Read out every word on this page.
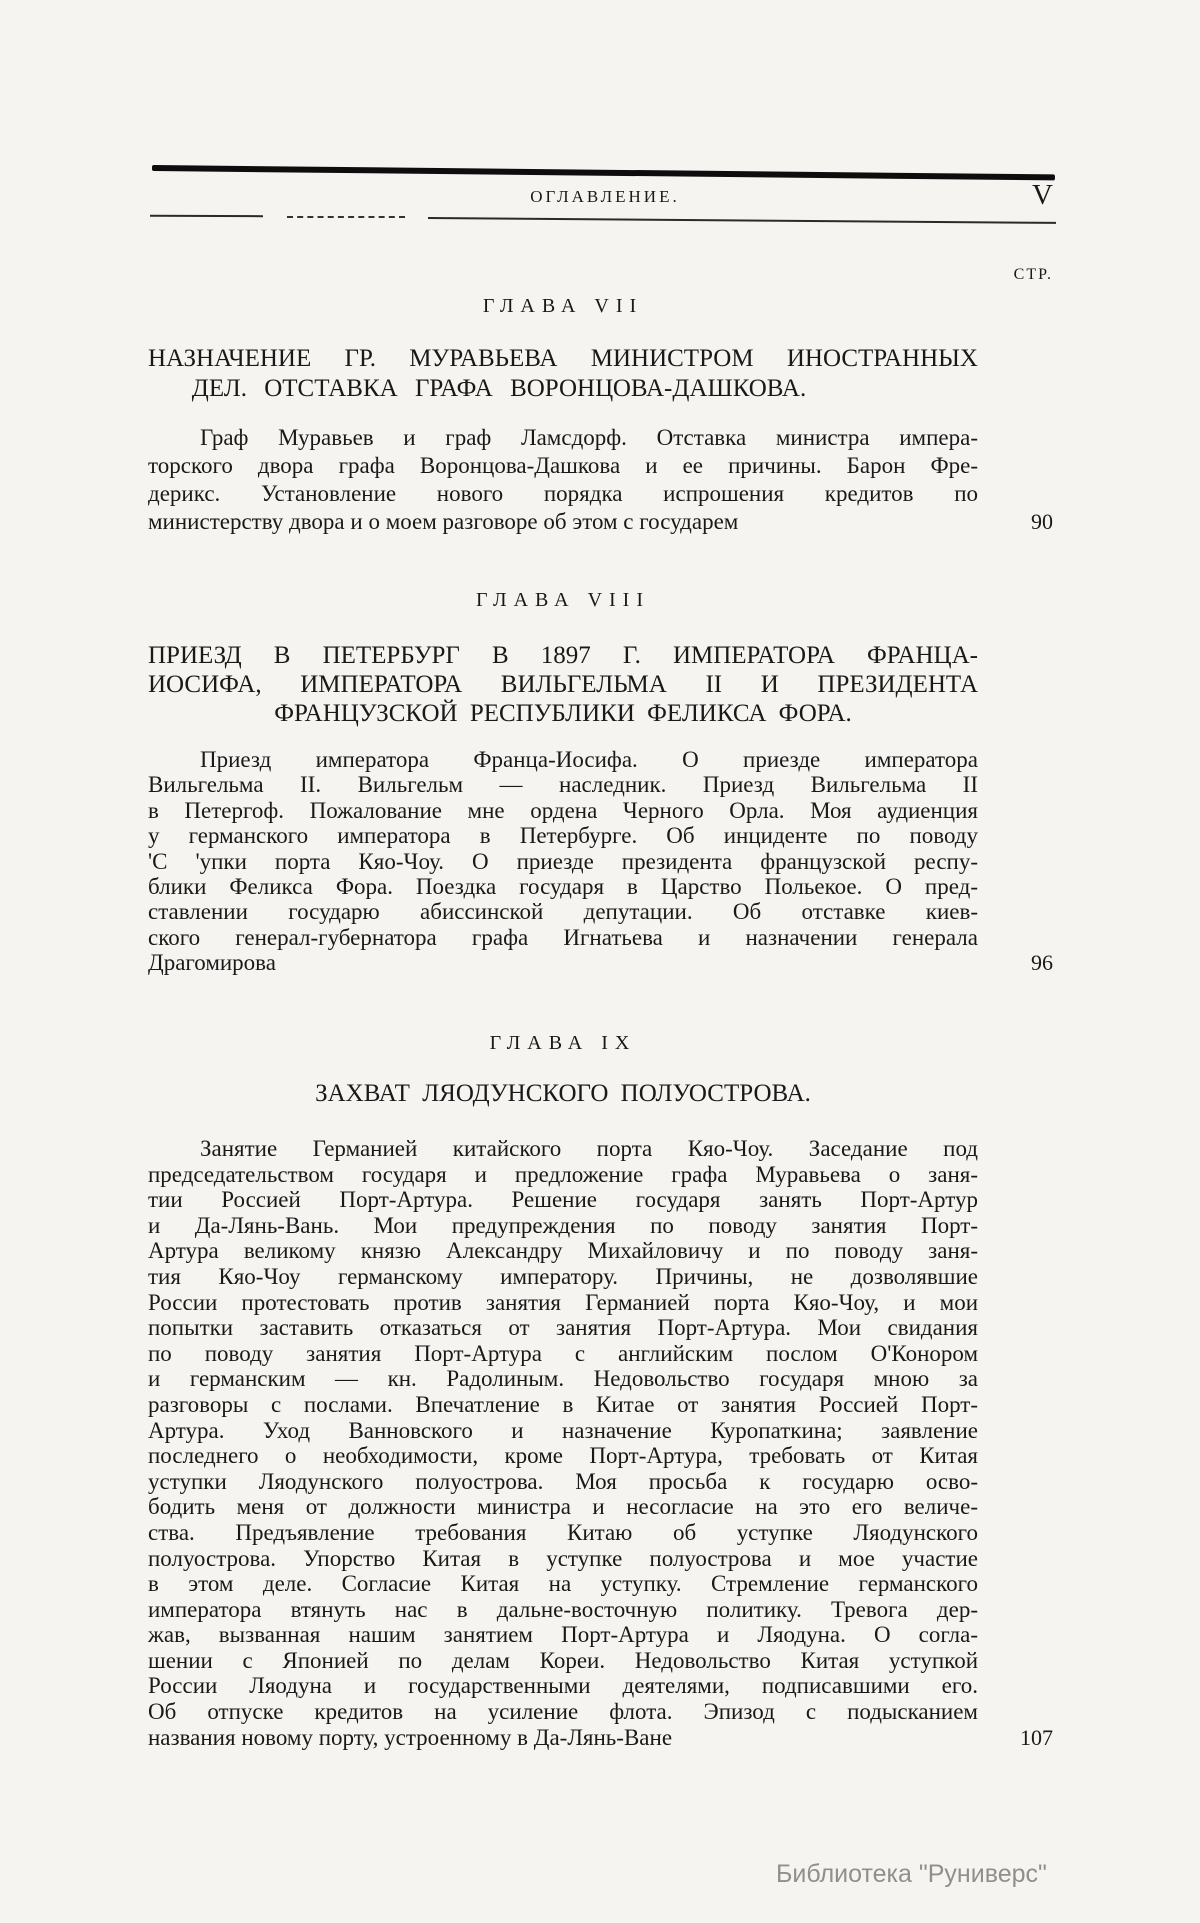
ОГЛАВЛЕНИЕ.	V
СТР.
ГЛАВА VII
НАЗНАЧЕНИЕ ГР. МУРАВЬЕВА МИНИСТРОМ ИНОСТРАННЫХ
ДЕЛ. ОТСТАВКА ГРАФА ВОРОНЦОВА-ДАШКОВА.
Граф Муравьев и граф Ламсдорф. Отставка министра импера-
торского двора графа Воронцова-Дашкова и ее причины. Барон Фре-
дерикс. Установление нового порядка испрошения кредитов по
министерству двора и о моем разговоре об этом с государем	90
ГЛАВА VIII
ПРИЕЗД В ПЕТЕРБУРГ В 1897 Г. ИМПЕРАТОРА ФРАНЦА-
ИОСИФА, ИМПЕРАТОРА ВИЛЬГЕЛЬМА II И ПРЕЗИДЕНТА
ФРАНЦУЗСКОЙ РЕСПУБЛИКИ ФЕЛИКСА ФОРА.
Приезд императора Франца-Иосифа. О приезде императора
Вильгельма II. Вильгельм — наследник. Приезд Вильгельма II
в Петергоф. Пожалование мне ордена Черного Орла. Моя аудиенция
у германского императора в Петербурге. Об инциденте по поводу
'С 'упки порта Кяо-Чоу. О приезде президента французской респу-
блики Феликса Фора. Поездка государя в Царство Польекое. О пред-
ставлении государю абиссинской депутации. Об отставке киев-
ского генерал-губернатора графа Игнатьева и назначении генерала
Драгомирова	96
ГЛАВА IX
ЗАХВАТ ЛЯОДУНСКОГО ПОЛУОСТРОВА.
Занятие Германией китайского порта Кяо-Чоу. Заседание под
председательством государя и предложение графа Муравьева о заня-
тии Россией Порт-Артура. Решение государя занять Порт-Артур
и Да-Лянь-Вань. Мои предупреждения по поводу занятия Порт-
Артура великому князю Александру Михайловичу и по поводу заня-
тия Кяо-Чоу германскому императору. Причины, не дозволявшие
России протестовать против занятия Германией порта Кяо-Чоу, и мои
попытки заставить отказаться от занятия Порт-Артура. Мои свидания
по поводу занятия Порт-Артура с английским послом О'Конором
и германским — кн. Радолиным. Недовольство государя мною за
разговоры с послами. Впечатление в Китае от занятия Россией Порт-
Артура. Уход Ванновского и назначение Куропаткина; заявление
последнего о необходимости, кроме Порт-Артура, требовать от Китая
уступки Ляодунского полуострова. Моя просьба к государю осво-
бодить меня от должности министра и несогласие на это его величе-
ства. Предъявление требования Китаю об уступке Ляодунского
полуострова. Упорство Китая в уступке полуострова и мое участие
в этом деле. Согласие Китая на уступку. Стремление германского
императора втянуть нас в дальне-восточную политику. Тревога дер-
жав, вызванная нашим занятием Порт-Артура и Ляодуна. О согла-
шении с Японией по делам Кореи. Недовольство Китая уступкой
России Ляодуна и государственными деятелями, подписавшими его.
Об отпуске кредитов на усиление флота. Эпизод с подысканием
названия новому порту, устроенному в Да-Лянь-Ване	107
Библиотека "Руниверс"
